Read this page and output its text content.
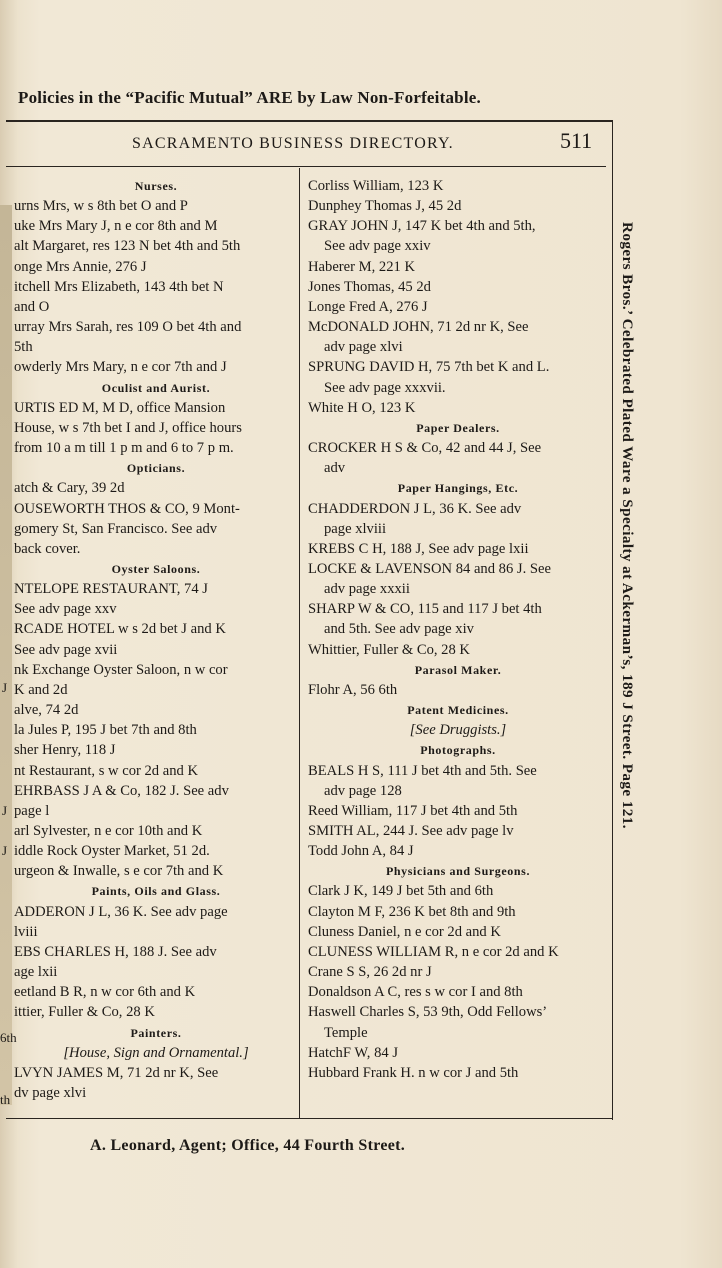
Policies in the “Pacific Mutual” ARE by Law Non-Forfeitable.
SACRAMENTO BUSINESS DIRECTORY.	511
Nurses.
urns Mrs, w s 8th bet O and P
uke Mrs Mary J, n e cor 8th and M
alt Margaret, res 123 N bet 4th and 5th
onge Mrs Annie, 276 J
itchell Mrs Elizabeth, 143 4th bet N
and O
urray Mrs Sarah, res 109 O bet 4th and
5th
owderly Mrs Mary, n e cor 7th and J
Oculist and Aurist.
URTIS ED M, M D, office Mansion
House, w s 7th bet I and J, office hours
from 10 a m till 1 p m and 6 to 7 p m.
Opticians.
atch & Cary, 39 2d
OUSEWORTH THOS & CO, 9 Mont-
gomery St, San Francisco. See adv
back cover.
Oyster Saloons.
NTELOPE RESTAURANT, 74 J
See adv page xxv
RCADE HOTEL w s 2d bet J and K
See adv page xvii
nk Exchange Oyster Saloon, n w cor
K and 2d
alve, 74 2d
la Jules P, 195 J bet 7th and 8th
sher Henry, 118 J
nt Restaurant, s w cor 2d and K
EHRBASS J A & Co, 182 J. See adv
page l
arl Sylvester, n e cor 10th and K
iddle Rock Oyster Market, 51 2d.
urgeon & Inwalle, s e cor 7th and K
Paints, Oils and Glass.
ADDERON J L, 36 K. See adv page
lviii
EBS CHARLES H, 188 J. See adv
age lxii
eetland B R, n w cor 6th and K
ittier, Fuller & Co, 28 K
Painters.
[House, Sign and Ornamental.]
LVYN JAMES M, 71 2d nr K, See
dv page xlvi
Corliss William, 123 K
Dunphey Thomas J, 45 2d
GRAY JOHN J, 147 K bet 4th and 5th,
See adv page xxiv
Haberer M, 221 K
Jones Thomas, 45 2d
Longe Fred A, 276 J
McDONALD JOHN, 71 2d nr K, See
adv page xlvi
SPRUNG DAVID H, 75 7th bet K and L.
See adv page xxxvii.
White H O, 123 K
Paper Dealers.
CROCKER H S & Co, 42 and 44 J, See
adv
Paper Hangings, Etc.
CHADDERDON J L, 36 K. See adv
page xlviii
KREBS C H, 188 J, See adv page lxii
LOCKE & LAVENSON 84 and 86 J. See
adv page xxxii
SHARP W & CO, 115 and 117 J bet 4th
and 5th. See adv page xiv
Whittier, Fuller & Co, 28 K
Parasol Maker.
Flohr A, 56 6th
Patent Medicines.
[See Druggists.]
Photographs.
BEALS H S, 111 J bet 4th and 5th. See
adv page 128
Reed William, 117 J bet 4th and 5th
SMITH AL, 244 J. See adv page lv
Todd John A, 84 J
Physicians and Surgeons.
Clark J K, 149 J bet 5th and 6th
Clayton M F, 236 K bet 8th and 9th
Cluness Daniel, n e cor 2d and K
CLUNESS WILLIAM R, n e cor 2d and K
Crane S S, 26 2d nr J
Donaldson A C, res s w cor I and 8th
Haswell Charles S, 53 9th, Odd Fellows’
Temple
HatchF W, 84 J
Hubbard Frank H. n w cor J and 5th
Rogers Bros.’ Celebrated Plated Ware a Specialty at Ackerman’s, 189 J Street. Page 121.
J
J
J
6th
th
A. Leonard, Agent; Office, 44 Fourth Street.
